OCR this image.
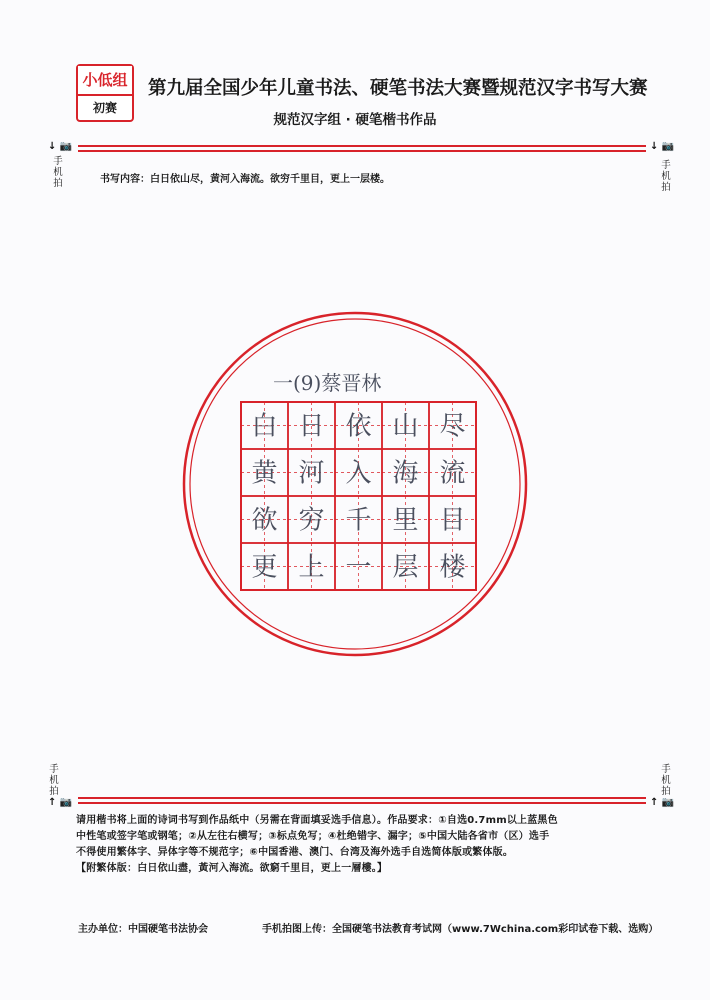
小低组
初赛
第九届全国少年儿童书法、硬笔书法大赛暨规范汉字书写大赛
规范汉字组 · 硬笔楷书作品
↓ 📷	↓ 📷
手机拍
手机拍
书写内容：白日依山尽，黄河入海流。欲穷千里目，更上一层楼。
白 日 依 山 尽
黄 河 入 海 流
欲 穷 千 里 目
更 上 一 层 楼
一(9)蔡晋林
手机拍
手机拍
↑ 📷	↑ 📷
请用楷书将上面的诗词书写到作品纸中（另需在背面填妥选手信息）。作品要求：①自选0.7mm以上蓝黑色
中性笔或签字笔或钢笔；②从左往右横写；③标点免写；④杜绝错字、漏字；⑤中国大陆各省市（区）选手
不得使用繁体字、异体字等不规范字；⑥中国香港、澳门、台湾及海外选手自选简体版或繁体版。
【附繁体版：白日依山盡，黃河入海流。欲窮千里目，更上一層樓。】
主办单位：中国硬笔书法协会	手机拍图上传：全国硬笔书法教育考试网（www.7Wchina.com彩印试卷下载、选购）
